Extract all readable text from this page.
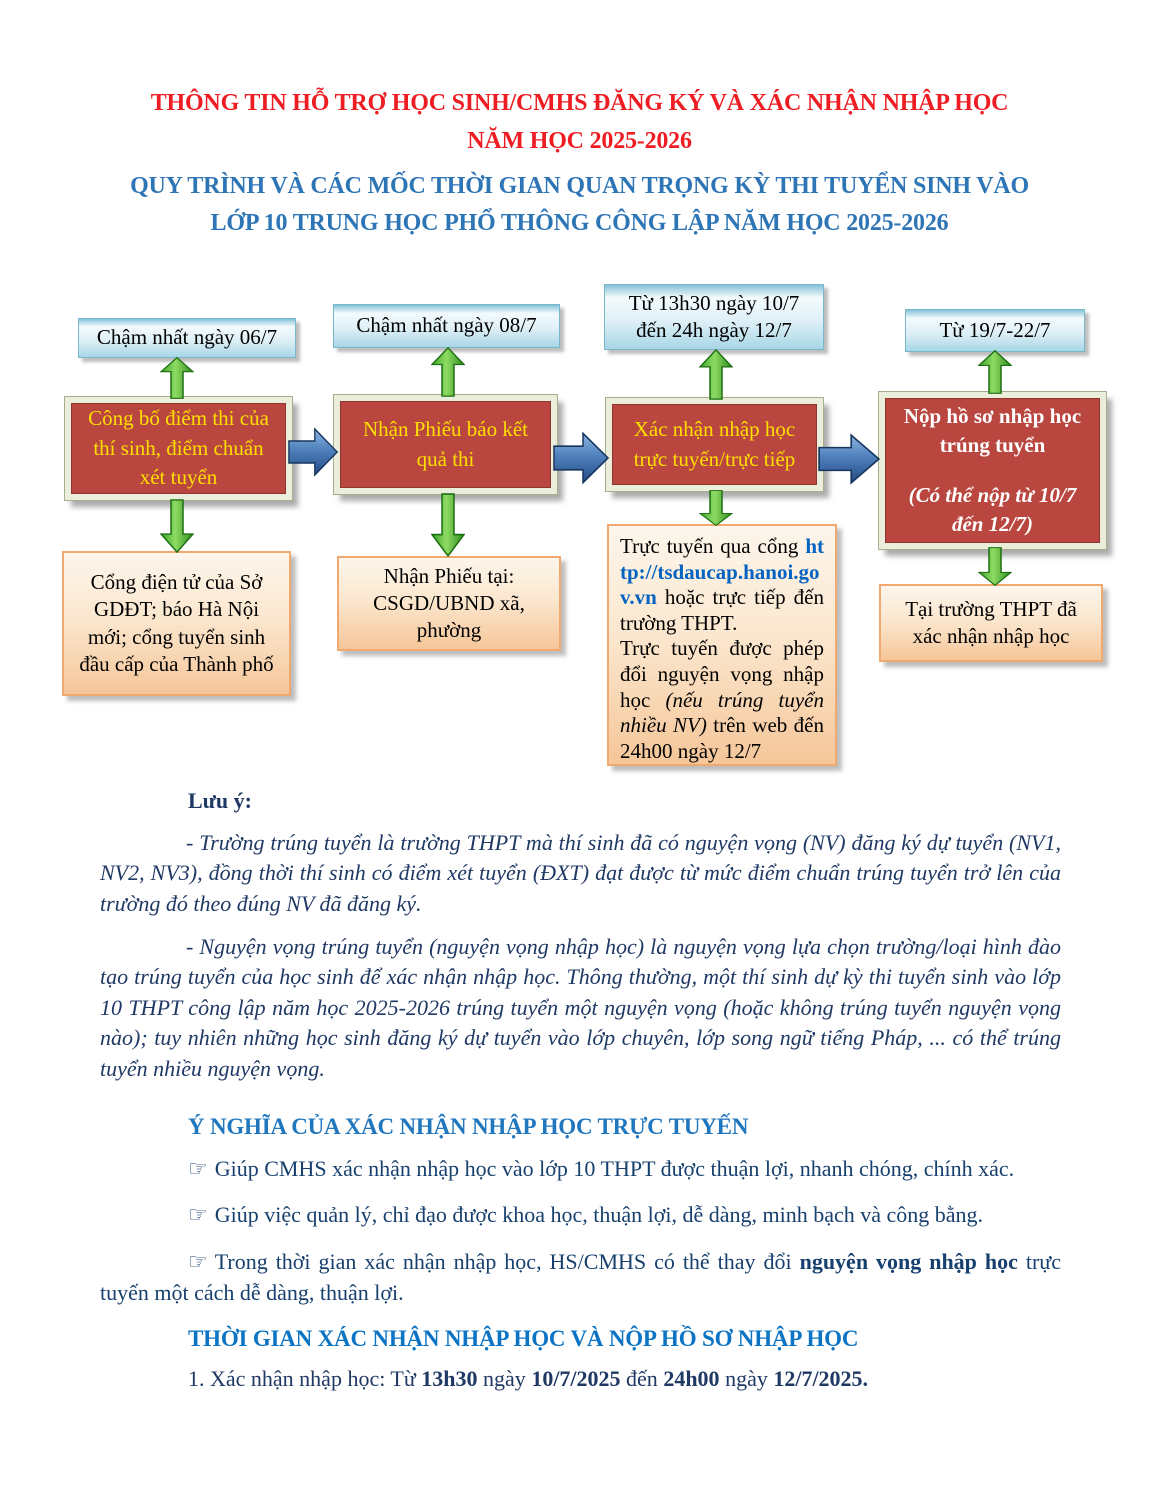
THÔNG TIN HỖ TRỢ HỌC SINH/CMHS ĐĂNG KÝ VÀ XÁC NHẬN NHẬP HỌC
NĂM HỌC 2025-2026
QUY TRÌNH VÀ CÁC MỐC THỜI GIAN QUAN TRỌNG KỲ THI TUYỂN SINH VÀO
LỚP 10 TRUNG HỌC PHỔ THÔNG CÔNG LẬP NĂM HỌC 2025-2026
Chậm nhất ngày 06/7	Chậm nhất ngày 08/7
Từ 13h30 ngày 10/7 đến 24h ngày 12/7	Từ 19/7-22/7
Công bố điểm thi của thí sinh, điểm chuẩn xét tuyển
Nhận Phiếu báo kết quả thi
Xác nhận nhập học trực tuyến/trực tiếp
Nộp hồ sơ nhập học trúng tuyển
(Có thể nộp từ 10/7 đến 12/7)
Cổng điện tử của Sở GDĐT; báo Hà Nội mới; cổng tuyển sinh đầu cấp của Thành phố
Nhận Phiếu tại: CSGD/UBND xã, phường
Trực tuyến qua cổng http://tsdaucap.hanoi.gov.vn hoặc trực tiếp đến trường THPT.
Trực tuyến được phép đổi nguyện vọng nhập học (nếu trúng tuyển nhiều NV) trên web đến 24h00 ngày 12/7
Tại trường THPT đã xác nhận nhập học
Lưu ý:

- Trường trúng tuyển là trường THPT mà thí sinh đã có nguyện vọng (NV) đăng ký dự tuyển (NV1, NV2, NV3), đồng thời thí sinh có điểm xét tuyển (ĐXT) đạt được từ mức điểm chuẩn trúng tuyển trở lên của trường đó theo đúng NV đã đăng ký.

- Nguyện vọng trúng tuyển (nguyện vọng nhập học) là nguyện vọng lựa chọn trường/loại hình đào tạo trúng tuyển của học sinh để xác nhận nhập học. Thông thường, một thí sinh dự kỳ thi tuyển sinh vào lớp 10 THPT công lập năm học 2025-2026 trúng tuyển một nguyện vọng (hoặc không trúng tuyển nguyện vọng nào); tuy nhiên những học sinh đăng ký dự tuyển vào lớp chuyên, lớp song ngữ tiếng Pháp, ... có thể trúng tuyển nhiều nguyện vọng.

Ý NGHĨA CỦA XÁC NHẬN NHẬP HỌC TRỰC TUYẾN

☞ Giúp CMHS xác nhận nhập học vào lớp 10 THPT được thuận lợi, nhanh chóng, chính xác.

☞ Giúp việc quản lý, chỉ đạo được khoa học, thuận lợi, dễ dàng, minh bạch và công bằng.

☞ Trong thời gian xác nhận nhập học, HS/CMHS có thể thay đổi nguyện vọng nhập học trực tuyến một cách dễ dàng, thuận lợi.

THỜI GIAN XÁC NHẬN NHẬP HỌC VÀ NỘP HỒ SƠ NHẬP HỌC

1. Xác nhận nhập học: Từ 13h30 ngày 10/7/2025 đến 24h00 ngày 12/7/2025.
